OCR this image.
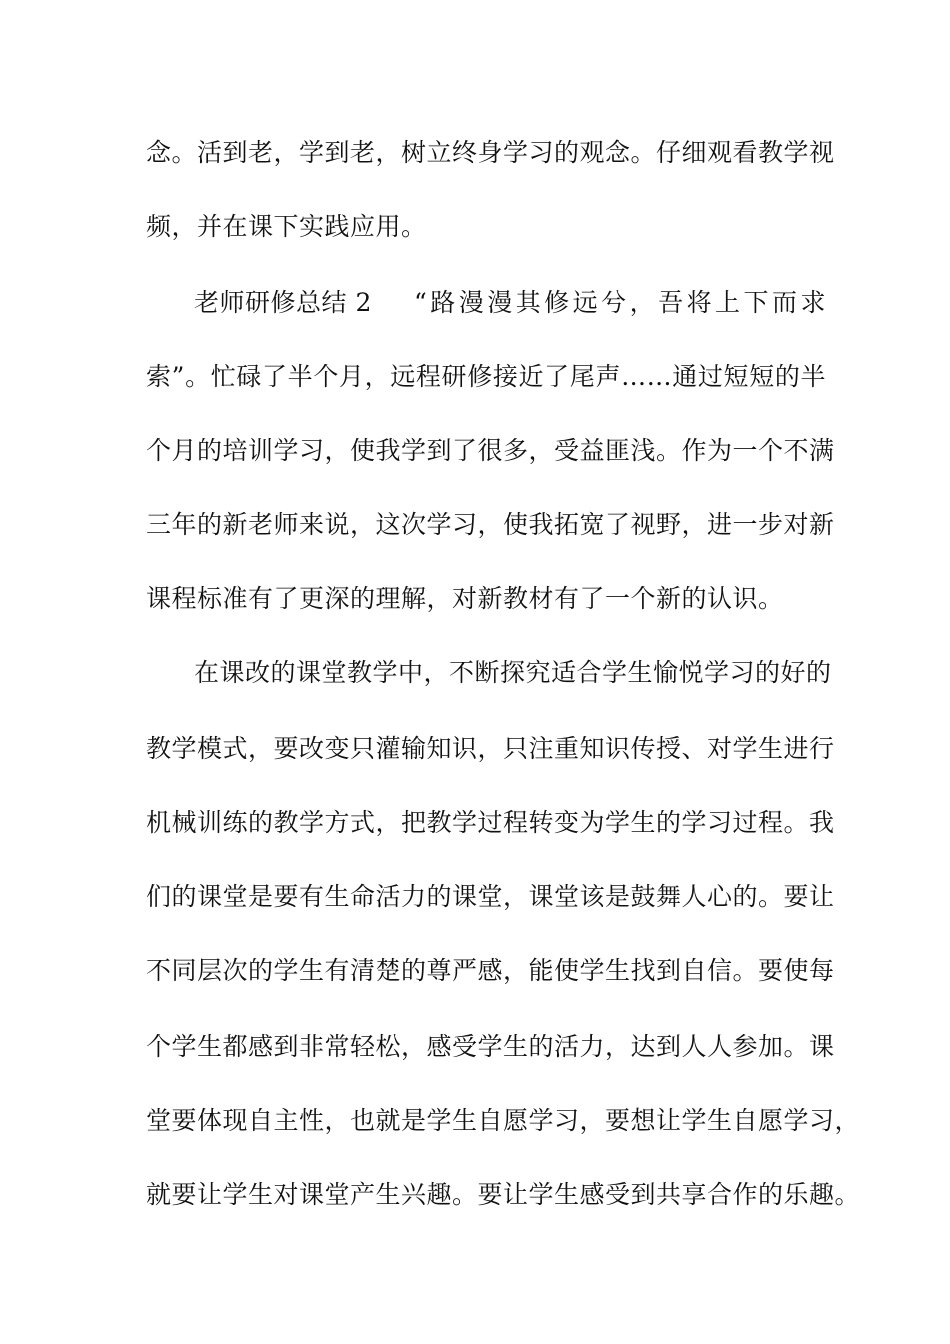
念。活到老，学到老，树立终身学习的观念。仔细观看教学视
频，并在课下实践应用。
老师研修总结 2 “路漫漫其修远兮，吾将上下而求
索”。忙碌了半个月，远程研修接近了尾声……通过短短的半
个月的培训学习，使我学到了很多，受益匪浅。作为一个不满
三年的新老师来说，这次学习，使我拓宽了视野，进一步对新
课程标准有了更深的理解，对新教材有了一个新的认识。
在课改的课堂教学中，不断探究适合学生愉悦学习的好的
教学模式，要改变只灌输知识，只注重知识传授、对学生进行
机械训练的教学方式，把教学过程转变为学生的学习过程。我
们的课堂是要有生命活力的课堂，课堂该是鼓舞人心的。要让
不同层次的学生有清楚的尊严感，能使学生找到自信。要使每
个学生都感到非常轻松，感受学生的活力，达到人人参加。课
堂要体现自主性，也就是学生自愿学习，要想让学生自愿学习，
就要让学生对课堂产生兴趣。要让学生感受到共享合作的乐趣。
